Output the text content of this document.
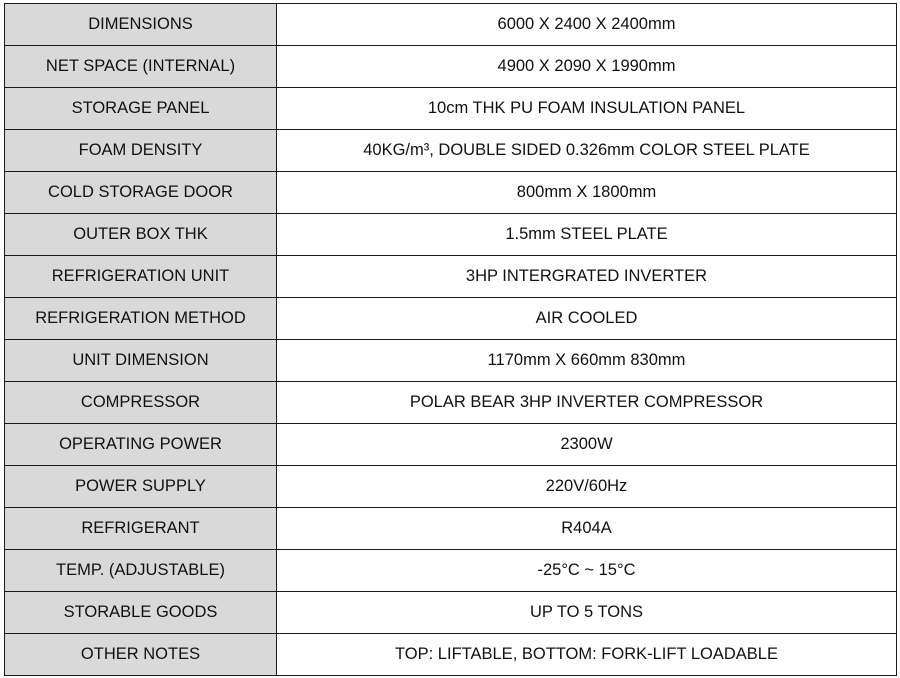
DIMENSIONS	6000 X 2400 X 2400mm
NET SPACE (INTERNAL)	4900 X 2090 X 1990mm
STORAGE PANEL	10cm THK PU FOAM INSULATION PANEL
FOAM DENSITY	40KG/m³, DOUBLE SIDED 0.326mm COLOR STEEL PLATE
COLD STORAGE DOOR	800mm X 1800mm
OUTER BOX THK	1.5mm STEEL PLATE
REFRIGERATION UNIT	3HP INTERGRATED INVERTER
REFRIGERATION METHOD	AIR COOLED
UNIT DIMENSION	1170mm X 660mm 830mm
COMPRESSOR	POLAR BEAR 3HP INVERTER COMPRESSOR
OPERATING POWER	2300W
POWER SUPPLY	220V/60Hz
REFRIGERANT	R404A
TEMP. (ADJUSTABLE)	-25°C ~ 15°C
STORABLE GOODS	UP TO 5 TONS
OTHER NOTES	TOP: LIFTABLE, BOTTOM: FORK-LIFT LOADABLE
